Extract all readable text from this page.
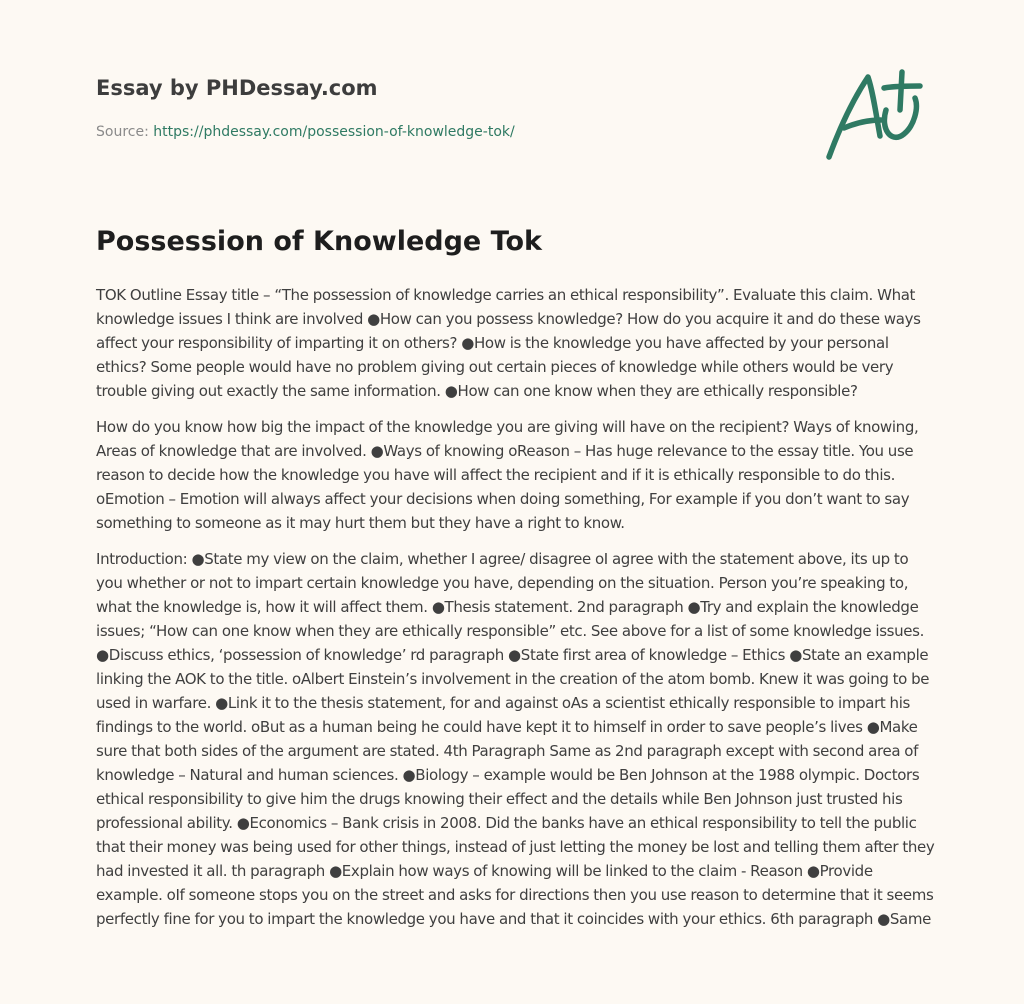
Essay by PHDessay.com

Source: https://phdessay.com/possession-of-knowledge-tok/

Possession of Knowledge Tok

TOK Outline Essay title – “The possession of knowledge carries an ethical responsibility”. Evaluate this claim. What knowledge issues I think are involved ●How can you possess knowledge? How do you acquire it and do these ways affect your responsibility of imparting it on others? ●How is the knowledge you have affected by your personal ethics? Some people would have no problem giving out certain pieces of knowledge while others would be very trouble giving out exactly the same information. ●How can one know when they are ethically responsible?

How do you know how big the impact of the knowledge you are giving will have on the recipient? Ways of knowing, Areas of knowledge that are involved. ●Ways of knowing oReason – Has huge relevance to the essay title. You use reason to decide how the knowledge you have will affect the recipient and if it is ethically responsible to do this. oEmotion – Emotion will always affect your decisions when doing something, For example if you don’t want to say something to someone as it may hurt them but they have a right to know.

Introduction: ●State my view on the claim, whether I agree/ disagree oI agree with the statement above, its up to you whether or not to impart certain knowledge you have, depending on the situation. Person you’re speaking to, what the knowledge is, how it will affect them. ●Thesis statement. 2nd paragraph ●Try and explain the knowledge issues; “How can one know when they are ethically responsible” etc. See above for a list of some knowledge issues. ●Discuss ethics, ‘possession of knowledge’ rd paragraph ●State first area of knowledge – Ethics ●State an example linking the AOK to the title. oAlbert Einstein’s involvement in the creation of the atom bomb. Knew it was going to be used in warfare. ●Link it to the thesis statement, for and against oAs a scientist ethically responsible to impart his findings to the world. oBut as a human being he could have kept it to himself in order to save people’s lives ●Make sure that both sides of the argument are stated. 4th Paragraph Same as 2nd paragraph except with second area of knowledge – Natural and human sciences. ●Biology – example would be Ben Johnson at the 1988 olympic. Doctors ethical responsibility to give him the drugs knowing their effect and the details while Ben Johnson just trusted his professional ability. ●Economics – Bank crisis in 2008. Did the banks have an ethical responsibility to tell the public that their money was being used for other things, instead of just letting the money be lost and telling them after they had invested it all. th paragraph ●Explain how ways of knowing will be linked to the claim - Reason ●Provide example. oIf someone stops you on the street and asks for directions then you use reason to determine that it seems perfectly fine for you to impart the knowledge you have and that it coincides with your ethics. 6th paragraph ●Same
